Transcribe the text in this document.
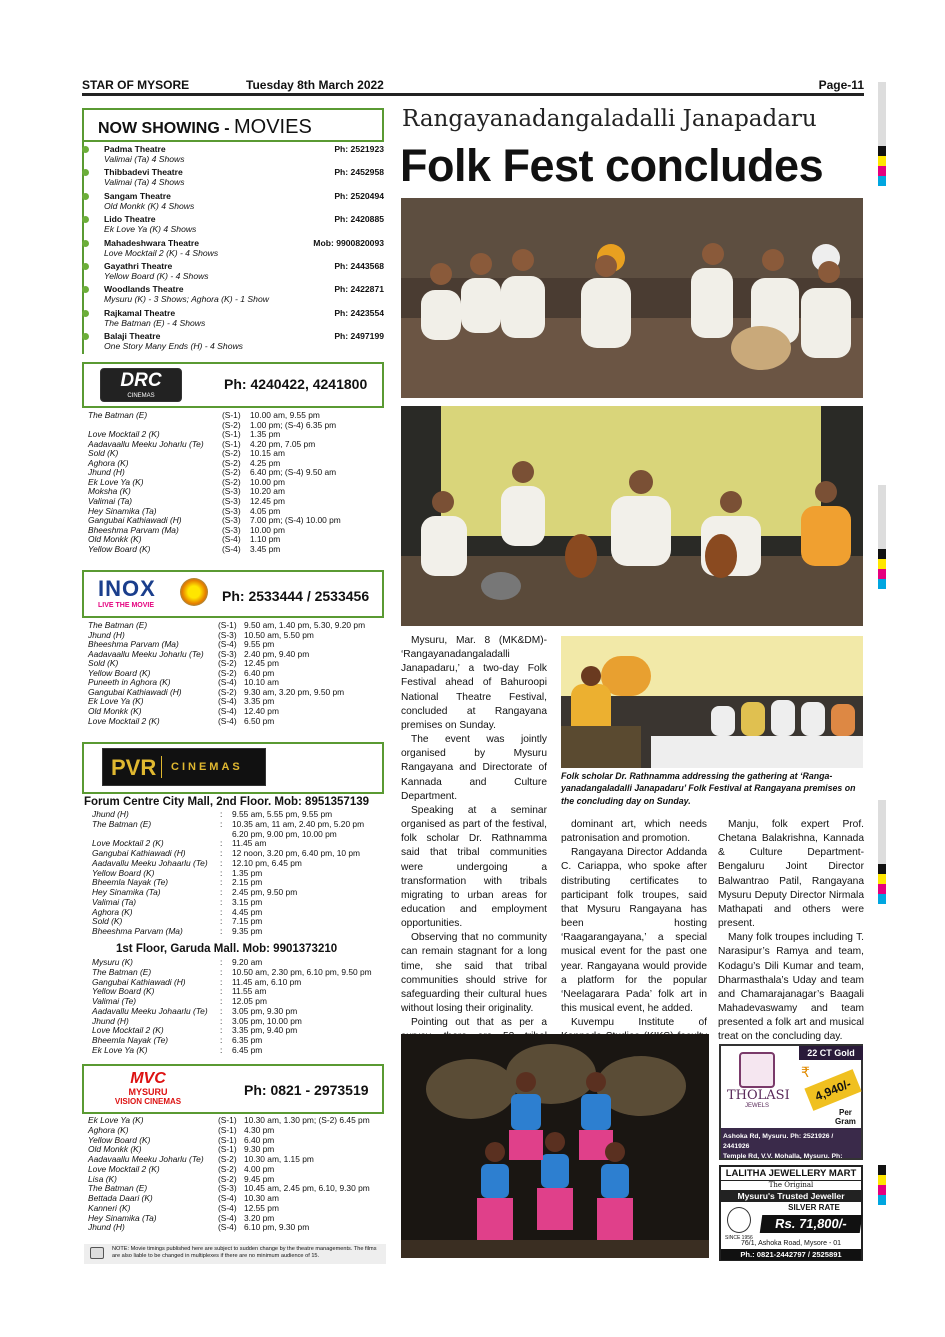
STAR OF MYSORE	Tuesday 8th March 2022	Page-11
NOW SHOWING - MOVIES
Padma Theatre	Ph: 2521923
Valimai (Ta) 4 Shows
Thibbadevi Theatre	Ph: 2452958
Valimai (Ta) 4 Shows
Sangam Theatre	Ph: 2520494
Old Monkk (K) 4 Shows
Lido Theatre	Ph: 2420885
Ek Love Ya (K) 4 Shows
Mahadeshwara Theatre	Mob: 9900820093
Love Mocktail 2 (K) - 4 Shows
Gayathri Theatre	Ph: 2443568
Yellow Board (K) - 4 Shows
Woodlands Theatre	Ph: 2422871
Mysuru (K) - 3 Shows; Aghora (K) - 1 Show
Rajkamal Theatre	Ph: 2423554
The Batman (E) - 4 Shows
Balaji Theatre	Ph: 2497199
One Story Many Ends (H) - 4 Shows
DRC
CINEMAS
Ph: 4240422, 4241800
The Batman (E)	(S-1) 10.00 am, 9.55 pm
(S-2) 1.00 pm; (S-4) 6.35 pm
Love Mocktail 2 (K)	(S-1) 1.35 pm
Aadavaallu Meeku Joharlu (Te) (S-1) 4.20 pm, 7.05 pm
Sold (K)	(S-2) 10.15 am
Aghora (K)	(S-2) 4.25 pm
Jhund (H)	(S-2) 6.40 pm; (S-4) 9.50 am
Ek Love Ya (K)	(S-2) 10.00 pm
Moksha (K)	(S-3) 10.20 am
Valimai (Ta)	(S-3) 12.45 pm
Hey Sinamika (Ta)	(S-3) 4.05 pm
Gangubai Kathiawadi (H)	(S-3) 7.00 pm; (S-4) 10.00 pm
Bheeshma Parvam (Ma)	(S-3) 10.00 pm
Old Monkk (K)	(S-4) 1.10 pm
Yellow Board (K)	(S-4) 3.45 pm
INOX
LIVE THE MOVIE
Ph: 2533444 / 2533456
The Batman (E)	(S-1) 9.50 am, 1.40 pm, 5.30, 9.20 pm
Jhund (H)	(S-3) 10.50 am, 5.50 pm
Bheeshma Parvam (Ma)	(S-4) 9.55 pm
Aadavaallu Meeku Joharlu (Te) (S-3) 2.40 pm, 9.40 pm
Sold (K)	(S-2) 12.45 pm
Yellow Board (K)	(S-2) 6.40 pm
Puneeth in Aghora (K)	(S-4) 10.10 am
Gangubai Kathiawadi (H)	(S-2) 9.30 am, 3.20 pm, 9.50 pm
Ek Love Ya (K)	(S-4) 3.35 pm
Old Monkk (K)	(S-4) 12.40 pm
Love Mocktail 2 (K)	(S-4) 6.50 pm
PVR CINEMAS
Forum Centre City Mall, 2nd Floor. Mob: 8951357139
Jhund (H)	: 9.55 am, 5.55 pm, 9.55 pm
The Batman (E)	: 10.35 am, 11 am, 2.40 pm, 5.20 pm
6.20 pm, 9.00 pm, 10.00 pm
Love Mocktail 2 (K)	: 11.45 am
Gangubai Kathiawadi (H)	: 12 noon, 3.20 pm, 6.40 pm, 10 pm
Aadavallu Meeku Johaarlu (Te) : 12.10 pm, 6.45 pm
Yellow Board (K)	: 1.35 pm
Bheemla Nayak (Te)	: 2.15 pm
Hey Sinamika (Ta)	: 2.45 pm, 9.50 pm
Valimai (Ta)	: 3.15 pm
Aghora (K)	: 4.45 pm
Sold (K)	: 7.15 pm
Bheeshma Parvam (Ma)	: 9.35 pm
1st Floor, Garuda Mall. Mob: 9901373210
Mysuru (K)	: 9.20 am
The Batman (E)	: 10.50 am, 2.30 pm, 6.10 pm, 9.50 pm
Gangubai Kathiawadi (H)	: 11.45 am, 6.10 pm
Yellow Board (K)	: 11.55 am
Valimai (Te)	: 12.05 pm
Aadavallu Meeku Johaarlu (Te) : 3.05 pm, 9.30 pm
Jhund (H)	: 3.05 pm, 10.00 pm
Love Mocktail 2 (K)	: 3.35 pm, 9.40 pm
Bheemla Nayak (Te)	: 6.35 pm
Ek Love Ya (K)	: 6.45 pm
MVC
MYSURU
VISION CINEMAS
Ph: 0821 - 2973519
Ek Love Ya (K)	(S-1) 10.30 am, 1.30 pm; (S-2) 6.45 pm
Aghora (K)	(S-1) 4.30 pm
Yellow Board (K)	(S-1) 6.40 pm
Old Monkk (K)	(S-1) 9.30 pm
Aadavaallu Meeku Joharlu (Te) (S-2) 10.30 am, 1.15 pm
Love Mocktail 2 (K)	(S-2) 4.00 pm
Lisa (K)	(S-2) 9.45 pm
The Batman (E)	(S-3) 10.45 am, 2.45 pm, 6.10, 9.30 pm
Bettada Daari (K)	(S-4) 10.30 am
Kanneri (K)	(S-4) 12.55 pm
Hey Sinamika (Ta)	(S-4) 3.20 pm
Jhund (H)	(S-4) 6.10 pm, 9.30 pm
NOTE: Movie timings published here are subject to sudden change by the theatre managements. The films are also liable to be changed in multiplexes if there are no minimum audience of 15.
Rangayanadangaladalli Janapadaru
Folk Fest concludes
Folk scholar Dr. Rathnamma addressing the gathering at ‘Ranga-yanadangaladalli Janapadaru’ Folk Festival at Rangayana premises on the concluding day on Sunday.

Mysuru, Mar. 8 (MK&DM)- ‘Rangayanadangaladalli Janapadaru,’ a two-day Folk Festival ahead of Bahuroopi National Theatre Festival, concluded at Rangayana premises on Sunday.

The event was jointly organised by Mysuru Rangayana and Directorate of Kannada and Culture Department.

Speaking at a seminar organised as part of the festival, folk scholar Dr. Rathnamma said that tribal communities were undergoing a transformation with tribals migrating to urban areas for education and employment opportunities.

Observing that no community can remain stagnant for a long time, she said that tribal communities should strive for safeguarding their cultural hues without losing their originality.

Pointing out that as per a

dominant art, which needs patronisation and promotion.

Rangayana Director Addanda C. Cariappa, who spoke after distributing certificates to participant folk troupes, said that Mysuru Rangayana has been hosting ‘Raagarangayana,’ a special musical event for the past one year. Rangayana would provide a platform for the popular ‘Neelagarara Pada’ folk art in this musical event, he added.

Kuvempu Institute of

Manju, folk expert Prof. Chetana Balakrishna, Kannada & Culture Department-Bengaluru Joint Director Balwantrao Patil, Rangayana Mysuru Deputy Director Nirmala Mathapati and others were present.

Many folk troupes including T. Narasipur’s Ramya and team, Kodagu’s Dili Kumar and team, Dharmasthala’s Uday and team and Chamarajanagar’s Baagali Mahadevaswamy and team presented a folk art and musical treat on the concluding day.

22 CT Gold Rate
THOLASI
JEWELS
₹
4,940/-
Per
Gram
Ashoka Rd, Mysuru. Ph: 2521926 / 2441926
Temple Rd, V.V. Mohalla, Mysuru. Ph:
LALITHA JEWELLERY MART
The Original
Mysuru's Trusted Jeweller
SINCE 1956
SILVER RATE
Rs. 71,800/-
76/1, Ashoka Road, Mysore - 01
Ph.: 0821-2442797 / 2525891
